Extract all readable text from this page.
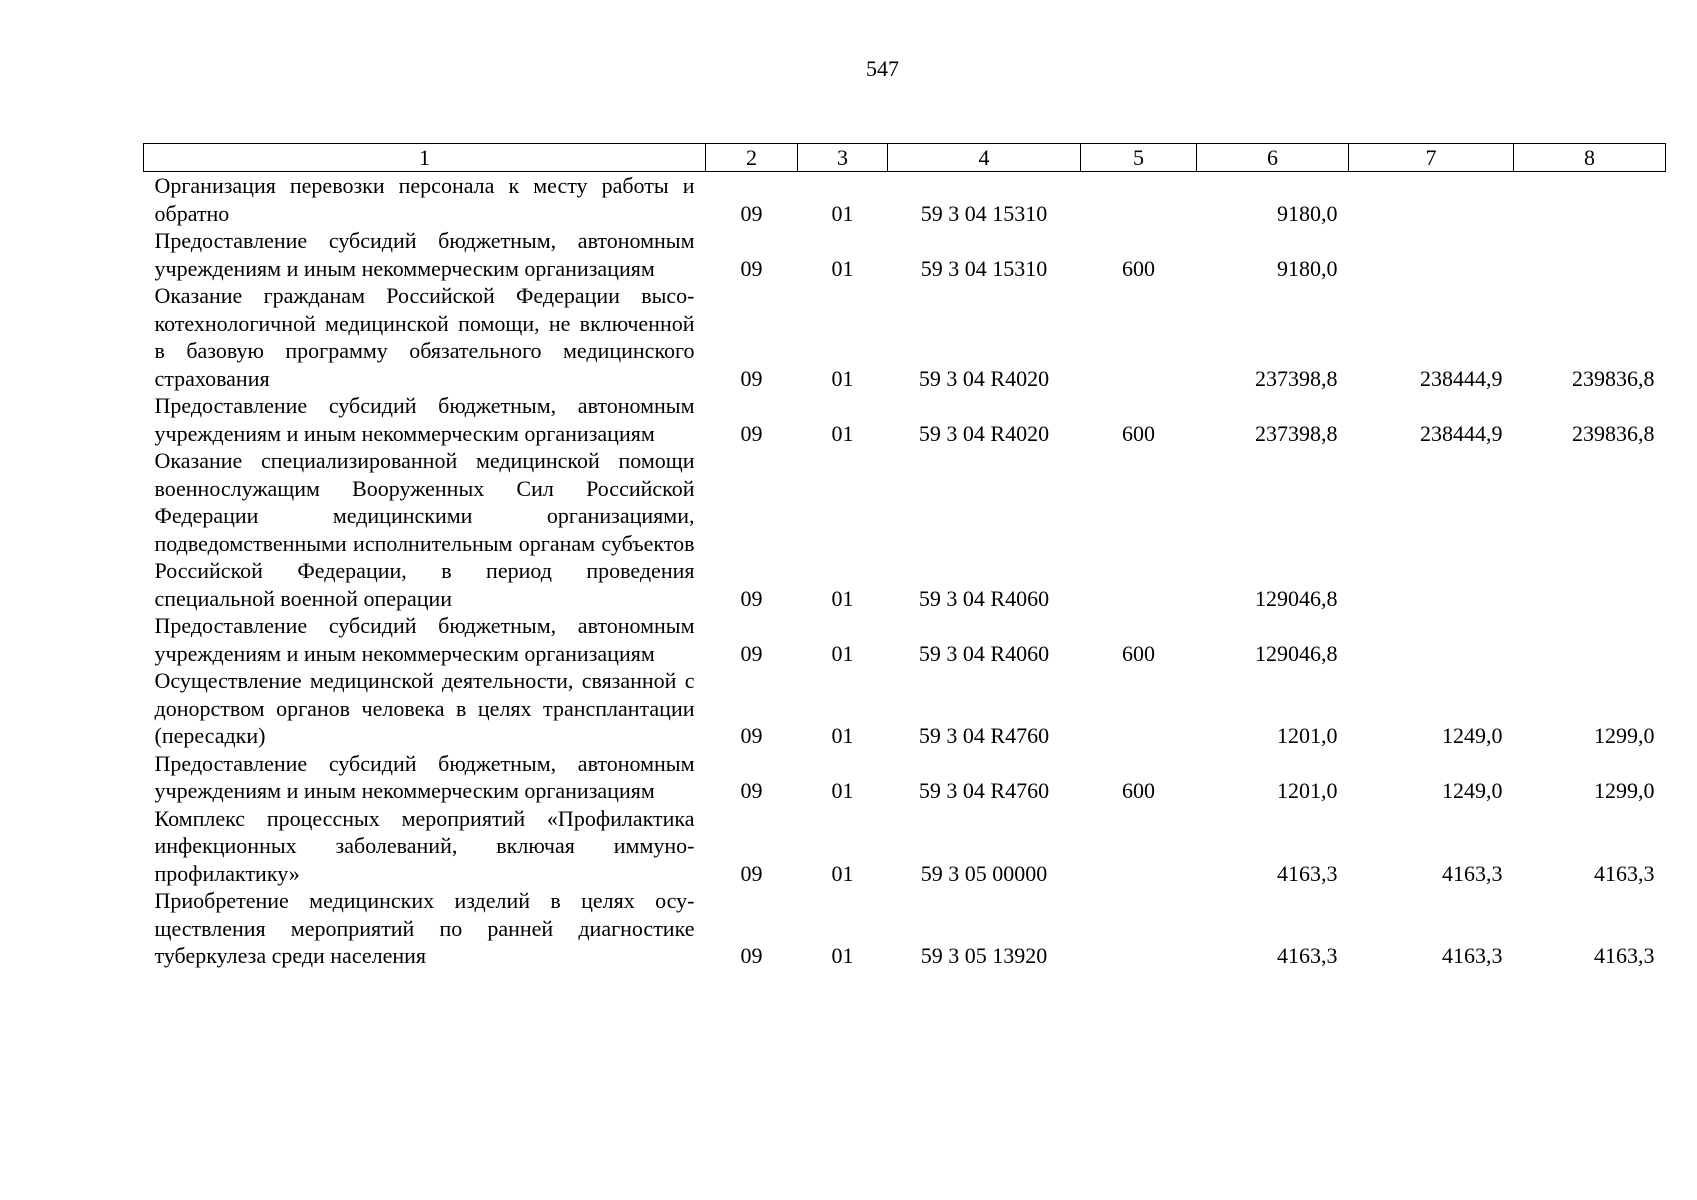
547
1	2	3	4	5	6	7	8
Организация перевозки персонала к месту работы и обратно	09	01	59 3 04 15310		9180,0		
Предоставление субсидий бюджетным, автономным учреждениям и иным некоммерческим организациям	09	01	59 3 04 15310	600	9180,0		
Оказание гражданам Российской Федерации высокотехнологичной медицинской помощи, не включенной в базовую программу обязательного медицинского страхования	09	01	59 3 04 R4020		237398,8	238444,9	239836,8
Предоставление субсидий бюджетным, автономным учреждениям и иным некоммерческим организациям	09	01	59 3 04 R4020	600	237398,8	238444,9	239836,8
Оказание специализированной медицинской помощи военнослужащим Вооруженных Сил Российской Федерации медицинскими организациями, подведомственными исполнительным органам субъектов Российской Федерации, в период проведения специальной военной операции	09	01	59 3 04 R4060		129046,8		
Предоставление субсидий бюджетным, автономным учреждениям и иным некоммерческим организациям	09	01	59 3 04 R4060	600	129046,8		
Осуществление медицинской деятельности, связанной с донорством органов человека в целях трансплантации (пересадки)	09	01	59 3 04 R4760		1201,0	1249,0	1299,0
Предоставление субсидий бюджетным, автономным учреждениям и иным некоммерческим организациям	09	01	59 3 04 R4760	600	1201,0	1249,0	1299,0
Комплекс процессных мероприятий «Профилактика инфекционных заболеваний, включая иммунопрофилактику»	09	01	59 3 05 00000		4163,3	4163,3	4163,3
Приобретение медицинских изделий в целях осуществления мероприятий по ранней диагностике туберкулеза среди населения	09	01	59 3 05 13920		4163,3	4163,3	4163,3
